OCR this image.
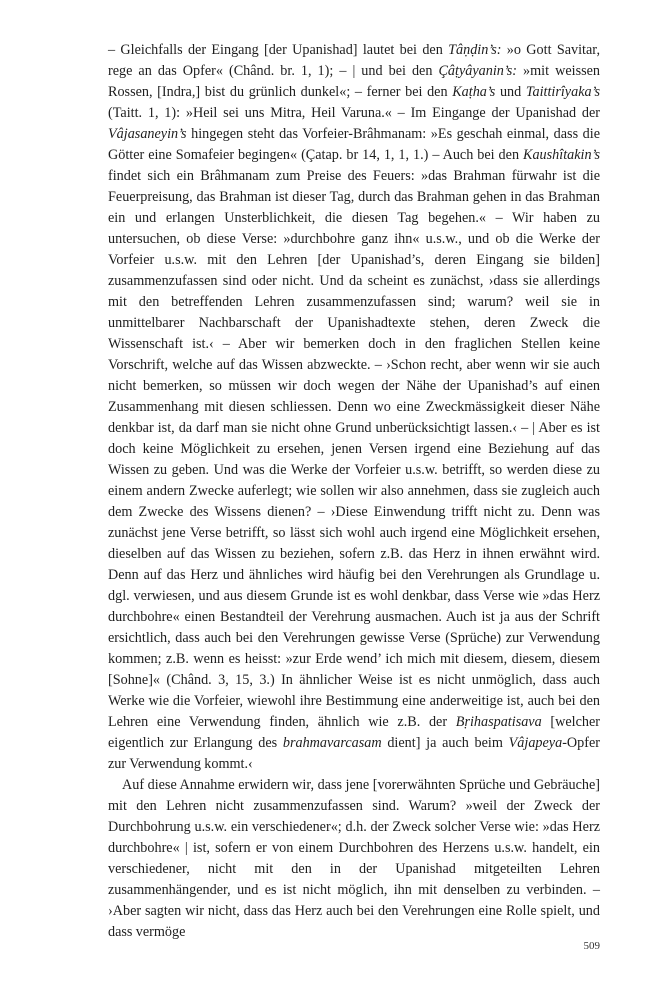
– Gleichfalls der Eingang [der Upanishad] lautet bei den Tâṇḍin’s: »o Gott Savitar, rege an das Opfer« (Chând. br. 1, 1); – | und bei den Çâṭyâyanin’s: »mit weissen Rossen, [Indra,] bist du grünlich dunkel«; – ferner bei den Kaṭha’s und Taittirîyaka’s (Taitt. 1, 1): »Heil sei uns Mitra, Heil Varuna.« – Im Eingange der Upanishad der Vâjasaneyin’s hingegen steht das Vorfeier-Brâhmanam: »Es geschah einmal, dass die Götter eine Somafeier begingen« (Çatap. br 14, 1, 1, 1.) – Auch bei den Kaushîtakin’s findet sich ein Brâhmanam zum Preise des Feuers: »das Brahman fürwahr ist die Feuerpreisung, das Brahman ist dieser Tag, durch das Brahman gehen in das Brahman ein und erlangen Unsterblichkeit, die diesen Tag begehen.« – Wir haben zu untersuchen, ob diese Verse: »durchbohre ganz ihn« u.s.w., und ob die Werke der Vorfeier u.s.w. mit den Lehren [der Upanishad’s, deren Eingang sie bilden] zusammenzufassen sind oder nicht. Und da scheint es zunächst, ›dass sie allerdings mit den betreffenden Lehren zusammenzufassen sind; warum? weil sie in unmittelbarer Nachbarschaft der Upanishadtexte stehen, deren Zweck die Wissenschaft ist.‹ – Aber wir bemerken doch in den fraglichen Stellen keine Vorschrift, welche auf das Wissen abzweckte. – ›Schon recht, aber wenn wir sie auch nicht bemerken, so müssen wir doch wegen der Nähe der Upanishad’s auf einen Zusammenhang mit diesen schliessen. Denn wo eine Zweckmässigkeit dieser Nähe denkbar ist, da darf man sie nicht ohne Grund unberücksichtigt lassen.‹ – | Aber es ist doch keine Möglichkeit zu ersehen, jenen Versen irgend eine Beziehung auf das Wissen zu geben. Und was die Werke der Vorfeier u.s.w. betrifft, so werden diese zu einem andern Zwecke auferlegt; wie sollen wir also annehmen, dass sie zugleich auch dem Zwecke des Wissens dienen? – ›Diese Einwendung trifft nicht zu. Denn was zunächst jene Verse betrifft, so lässt sich wohl auch irgend eine Möglichkeit ersehen, dieselben auf das Wissen zu beziehen, sofern z.B. das Herz in ihnen erwähnt wird. Denn auf das Herz und ähnliches wird häufig bei den Verehrungen als Grundlage u. dgl. verwiesen, und aus diesem Grunde ist es wohl denkbar, dass Verse wie »das Herz durchbohre« einen Bestandteil der Verehrung ausmachen. Auch ist ja aus der Schrift ersichtlich, dass auch bei den Verehrungen gewisse Verse (Sprüche) zur Verwendung kommen; z.B. wenn es heisst: »zur Erde wend’ ich mich mit diesem, diesem, diesem [Sohne]« (Chând. 3, 15, 3.) In ähnlicher Weise ist es nicht unmöglich, dass auch Werke wie die Vorfeier, wiewohl ihre Bestimmung eine anderweitige ist, auch bei den Lehren eine Verwendung finden, ähnlich wie z.B. der Bṛihaspatisava [welcher eigentlich zur Erlangung des brahmavarcasam dient] ja auch beim Vâjapeya-Opfer zur Verwendung kommt.‹

Auf diese Annahme erwidern wir, dass jene [vorerwähnten Sprüche und Gebräuche] mit den Lehren nicht zusammenzufassen sind. Warum? »weil der Zweck der Durchbohrung u.s.w. ein verschiedener«; d.h. der Zweck solcher Verse wie: »das Herz durchbohre« | ist, sofern er von einem Durchbohren des Herzens u.s.w. handelt, ein verschiedener, nicht mit den in der Upanishad mitgeteilten Lehren zusammenhängender, und es ist nicht möglich, ihn mit denselben zu verbinden. – ›Aber sagten wir nicht, dass das Herz auch bei den Verehrungen eine Rolle spielt, und dass vermöge

509
